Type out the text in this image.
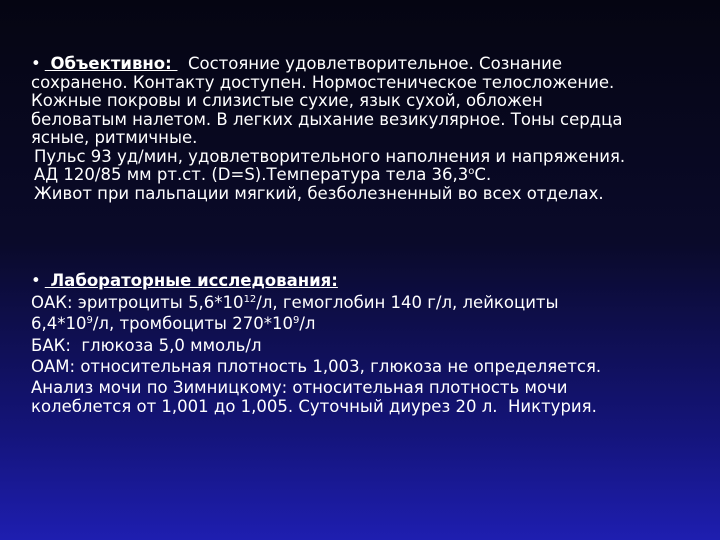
• Объективно:   Состояние удовлетворительное. Сознание
сохранено. Контакту доступен. Нормостеническое телосложение.
Кожные покровы и слизистые сухие, язык сухой, обложен
беловатым налетом. В легких дыхание везикулярное. Тоны сердца
ясные, ритмичные.
Пульс 93 уд/мин, удовлетворительного наполнения и напряжения.
АД 120/85 мм рт.ст. (D=S).Температура тела $36,3^оС$.
Живот при пальпации мягкий, безболезненный во всех отделах.
• Лабораторные исследования:
ОАК: эритроциты $5,6*10^{12}/л$, гемоглобин 140 г/л, лейкоциты
$6,4*10^9/л$, тромбоциты $270*10^9/л$
БАК:  глюкоза 5,0 ммоль/л
ОАМ: относительная плотность 1,003, глюкоза не определяется.
Анализ мочи по Зимницкому: относительная плотность мочи
колеблется от 1,001 до 1,005. Суточный диурез 20 л.  Никтурия.
